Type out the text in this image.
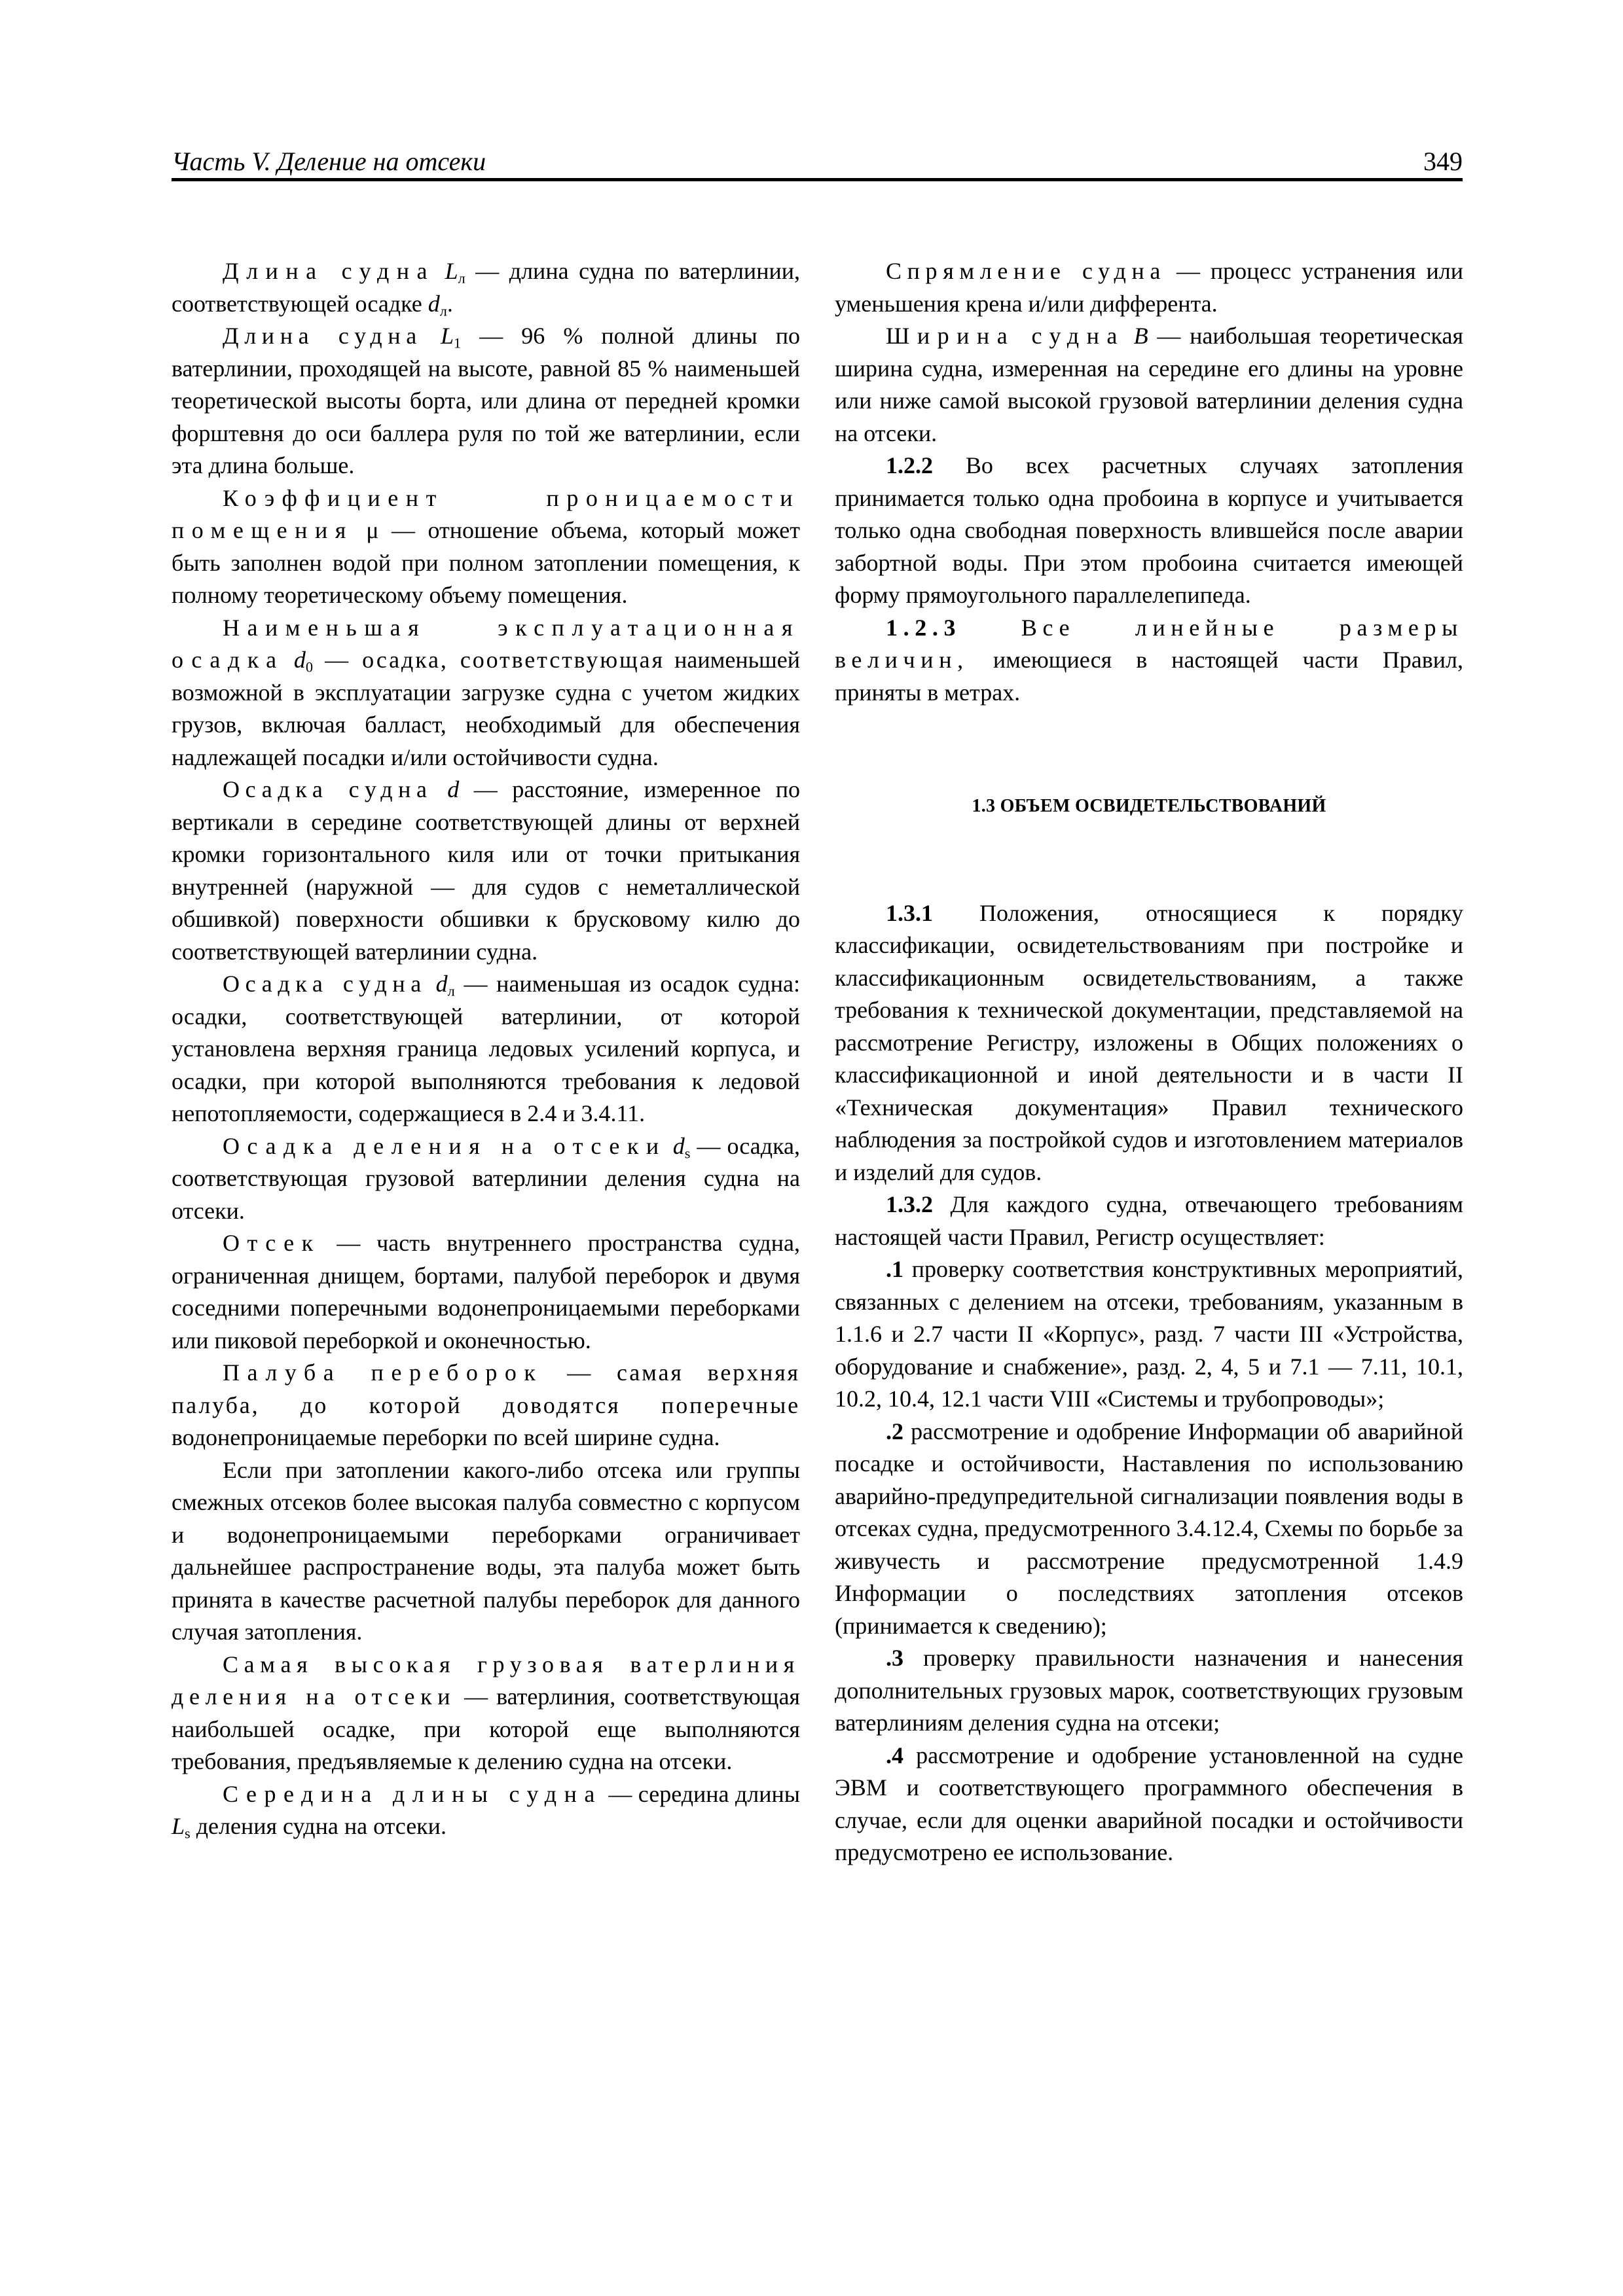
Часть V. Деление на отсеки	349

Длина судна $L_л$ — длина судна по ватерлинии, соответствующей осадке $d_л$.

Длина судна $L_1$ — 96 % полной длины по ватерлинии, проходящей на высоте, равной 85 % наименьшей теоретической высоты борта, или длина от передней кромки форштевня до оси баллера руля по той же ватерлинии, если эта длина больше.

Коэффициент проницаемости помещения μ — отношение объема, который может быть заполнен водой при полном затоплении помещения, к полному теоретическому объему помещения.

Наименьшая эксплуатационная осадка $d_0$ — осадка, соответствующая наименьшей возможной в эксплуатации загрузке судна с учетом жидких грузов, включая балласт, необходимый для обеспечения надлежащей посадки и/или остойчивости судна.

Осадка судна d — расстояние, измеренное по вертикали в середине соответствующей длины от верхней кромки горизонтального киля или от точки притыкания внутренней (наружной — для судов с неметаллической обшивкой) поверхности обшивки к брусковому килю до соответствующей ватерлинии судна.

Осадка судна $d_л$ — наименьшая из осадок судна: осадки, соответствующей ватерлинии, от которой установлена верхняя граница ледовых усилений корпуса, и осадки, при которой выполняются требования к ледовой непотопляемости, содержащиеся в 2.4 и 3.4.11.

Осадка деления на отсеки $d_s$ — осадка, соответствующая грузовой ватерлинии деления судна на отсеки.

Отсек — часть внутреннего пространства судна, ограниченная днищем, бортами, палубой переборок и двумя соседними поперечными водонепроницаемыми переборками или пиковой переборкой и оконечностью.

Палуба переборок — самая верхняя палуба, до которой доводятся поперечные водонепроницаемые переборки по всей ширине судна.

Если при затоплении какого-либо отсека или группы смежных отсеков более высокая палуба совместно с корпусом и водонепроницаемыми переборками ограничивает дальнейшее распространение воды, эта палуба может быть принята в качестве расчетной палубы переборок для данного случая затопления.

Самая высокая грузовая ватерлиния деления на отсеки — ватерлиния, соответствующая наибольшей осадке, при которой еще выполняются требования, предъявляемые к делению судна на отсеки.

Середина длины судна — середина длины $L_s$ деления судна на отсеки.

Спрямление судна — процесс устранения или уменьшения крена и/или дифферента.

Ширина судна B — наибольшая теоретическая ширина судна, измеренная на середине его длины на уровне или ниже самой высокой грузовой ватерлинии деления судна на отсеки.

1.2.2 Во всех расчетных случаях затопления принимается только одна пробоина в корпусе и учитывается только одна свободная поверхность влившейся после аварии забортной воды. При этом пробоина считается имеющей форму прямоугольного параллелепипеда.

1.2.3 Все линейные размеры величин, имеющиеся в настоящей части Правил, приняты в метрах.

1.3 ОБЪЕМ ОСВИДЕТЕЛЬСТВОВАНИЙ

1.3.1 Положения, относящиеся к порядку классификации, освидетельствованиям при постройке и классификационным освидетельствованиям, а также требования к технической документации, представляемой на рассмотрение Регистру, изложены в Общих положениях о классификационной и иной деятельности и в части II «Техническая документация» Правил технического наблюдения за постройкой судов и изготовлением материалов и изделий для судов.

1.3.2 Для каждого судна, отвечающего требованиям настоящей части Правил, Регистр осуществляет:

.1 проверку соответствия конструктивных мероприятий, связанных с делением на отсеки, требованиям, указанным в 1.1.6 и 2.7 части II «Корпус», разд. 7 части III «Устройства, оборудование и снабжение», разд. 2, 4, 5 и 7.1 — 7.11, 10.1, 10.2, 10.4, 12.1 части VIII «Системы и трубопроводы»;

.2 рассмотрение и одобрение Информации об аварийной посадке и остойчивости, Наставления по использованию аварийно-предупредительной сигнализации появления воды в отсеках судна, предусмотренного 3.4.12.4, Схемы по борьбе за живучесть и рассмотрение предусмотренной 1.4.9 Информации о последствиях затопления отсеков (принимается к сведению);

.3 проверку правильности назначения и нанесения дополнительных грузовых марок, соответствующих грузовым ватерлиниям деления судна на отсеки;

.4 рассмотрение и одобрение установленной на судне ЭВМ и соответствующего программного обеспечения в случае, если для оценки аварийной посадки и остойчивости предусмотрено ее использование.
